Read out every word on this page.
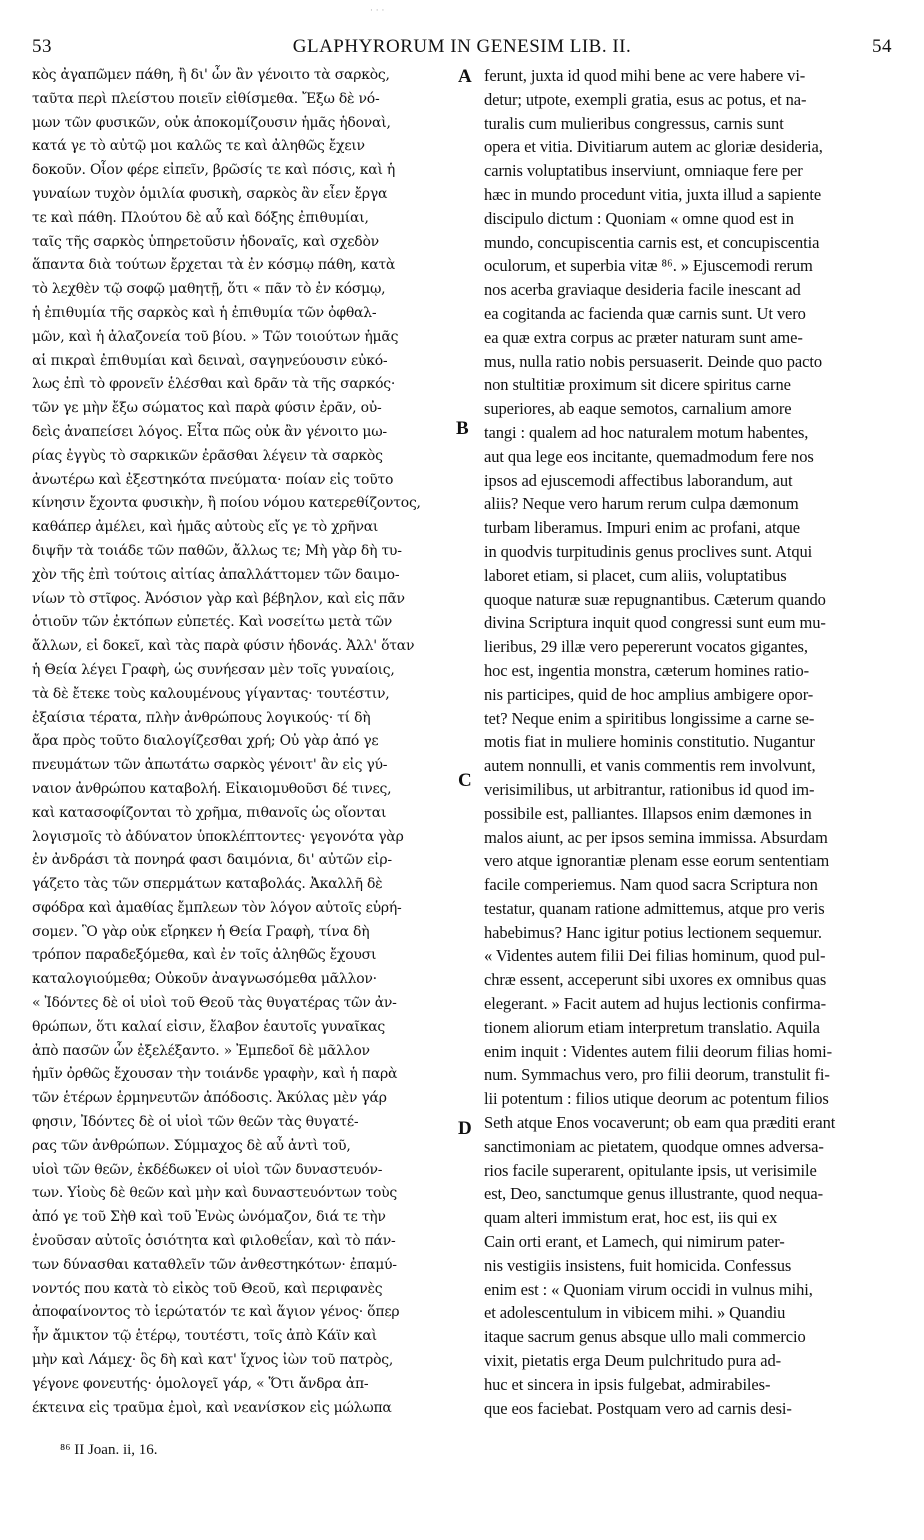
· · ·
53	GLAPHYRORUM IN GENESIM LIB. II.	54
κὸς ἀγαπῶμεν πάθη, ἢ δι' ὧν ἂν γένοιτο τὰ σαρκὸς,
ταῦτα περὶ πλείστου ποιεῖν εἰθίσμεθα. Ἔξω δὲ νό-
μων τῶν φυσικῶν, οὐκ ἀποκομίζουσιν ἡμᾶς ἡδοναὶ,
κατά γε τὸ αὐτῷ μοι καλῶς τε καὶ ἀληθῶς ἔχειν
δοκοῦν. Οἷον φέρε εἰπεῖν, βρῶσίς τε καὶ πόσις, καὶ ἡ
γυναίων τυχὸν ὁμιλία φυσικὴ, σαρκὸς ἂν εἶεν ἔργα
τε καὶ πάθη. Πλούτου δὲ αὖ καὶ δόξης ἐπιθυμίαι,
ταῖς τῆς σαρκὸς ὑπηρετοῦσιν ἡδοναῖς, καὶ σχεδὸν
ἅπαντα διὰ τούτων ἔρχεται τὰ ἐν κόσμῳ πάθη, κατὰ
τὸ λεχθὲν τῷ σοφῷ μαθητῇ, ὅτι « πᾶν τὸ ἐν κόσμῳ,
ἡ ἐπιθυμία τῆς σαρκὸς καὶ ἡ ἐπιθυμία τῶν ὀφθαλ-
μῶν, καὶ ἡ ἀλαζονεία τοῦ βίου. » Τῶν τοιούτων ἡμᾶς
αἱ πικραὶ ἐπιθυμίαι καὶ δειναὶ, σαγηνεύουσιν εὐκό-
λως ἐπὶ τὸ φρονεῖν ἑλέσθαι καὶ δρᾶν τὰ τῆς σαρκός·
τῶν γε μὴν ἔξω σώματος καὶ παρὰ φύσιν ἐρᾶν, οὐ-
δεὶς ἀναπείσει λόγος. Εἶτα πῶς οὐκ ἂν γένοιτο μω-
ρίας ἐγγὺς τὸ σαρκικῶν ἐρᾶσθαι λέγειν τὰ σαρκὸς
ἀνωτέρω καὶ ἐξεστηκότα πνεύματα· ποίαν εἰς τοῦτο
κίνησιν ἔχοντα φυσικὴν, ἢ ποίου νόμου κατερεθίζοντος,
καθάπερ ἀμέλει, καὶ ἡμᾶς αὐτοὺς εἴς γε τὸ χρῆναι
διψῆν τὰ τοιάδε τῶν παθῶν, ἄλλως τε; Μὴ γὰρ δὴ τυ-
χὸν τῆς ἐπὶ τούτοις αἰτίας ἀπαλλάττομεν τῶν δαιμο-
νίων τὸ στῖφος. Ἀνόσιον γὰρ καὶ βέβηλον, καὶ εἰς πᾶν
ὁτιοῦν τῶν ἐκτόπων εὐπετές. Καὶ νοσείτω μετὰ τῶν
ἄλλων, εἰ δοκεῖ, καὶ τὰς παρὰ φύσιν ἡδονάς. Ἀλλ' ὅταν
ἡ Θεία λέγει Γραφὴ, ὡς συνήεσαν μὲν τοῖς γυναίοις,
τὰ δὲ ἔτεκε τοὺς καλουμένους γίγαντας· τουτέστιν,
ἐξαίσια τέρατα, πλὴν ἀνθρώπους λογικούς· τί δὴ
ἄρα πρὸς τοῦτο διαλογίζεσθαι χρή; Οὐ γὰρ ἀπό γε
πνευμάτων τῶν ἀπωτάτω σαρκὸς γένοιτ' ἂν εἰς γύ-
ναιον ἀνθρώπου καταβολή. Εἰκαιομυθοῦσι δέ τινες,
καὶ κατασοφίζονται τὸ χρῆμα, πιθανοῖς ὡς οἴονται
λογισμοῖς τὸ ἀδύνατον ὑποκλέπτοντες· γεγονότα γὰρ
ἐν ἀνδράσι τὰ πονηρά φασι δαιμόνια, δι' αὐτῶν εἰρ-
γάζετο τὰς τῶν σπερμάτων καταβολάς. Ἀκαλλῆ δὲ
σφόδρα καὶ ἀμαθίας ἔμπλεων τὸν λόγον αὐτοῖς εὑρή-
σομεν. Ὃ γὰρ οὐκ εἴρηκεν ἡ Θεία Γραφὴ, τίνα δὴ
τρόπον παραδεξόμεθα, καὶ ἐν τοῖς ἀληθῶς ἔχουσι
καταλογιούμεθα; Οὐκοῦν ἀναγνωσόμεθα μᾶλλον·
« Ἰδόντες δὲ οἱ υἱοὶ τοῦ Θεοῦ τὰς θυγατέρας τῶν ἀν-
θρώπων, ὅτι καλαί εἰσιν, ἔλαβον ἑαυτοῖς γυναῖκας
ἀπὸ πασῶν ὧν ἐξελέξαντο. » Ἐμπεδοῖ δὲ μᾶλλον
ἡμῖν ὀρθῶς ἔχουσαν τὴν τοιάνδε γραφὴν, καὶ ἡ παρὰ
τῶν ἑτέρων ἑρμηνευτῶν ἀπόδοσις. Ἀκύλας μὲν γάρ
φησιν, Ἰδόντες δὲ οἱ υἱοὶ τῶν θεῶν τὰς θυγατέ-
ρας τῶν ἀνθρώπων. Σύμμαχος δὲ αὖ ἀντὶ τοῦ,
υἱοὶ τῶν θεῶν, ἐκδέδωκεν οἱ υἱοὶ τῶν δυναστευόν-
των. Υἱοὺς δὲ θεῶν καὶ μὴν καὶ δυναστευόντων τοὺς
ἀπό γε τοῦ Σὴθ καὶ τοῦ Ἐνὼς ὠνόμαζον, διά τε τὴν
ἐνοῦσαν αὐτοῖς ὁσιότητα καὶ φιλοθεΐαν, καὶ τὸ πάν-
των δύνασθαι καταθλεῖν τῶν ἀνθεστηκότων· ἐπαμύ-
νοντός που κατὰ τὸ εἰκὸς τοῦ Θεοῦ, καὶ περιφανὲς
ἀποφαίνοντος τὸ ἱερώτατόν τε καὶ ἅγιον γένος· ὅπερ
ἦν ἄμικτον τῷ ἑτέρῳ, τουτέστι, τοῖς ἀπὸ Κάϊν καὶ
μὴν καὶ Λάμεχ· ὃς δὴ καὶ κατ' ἴχνος ἰὼν τοῦ πατρὸς,
γέγονε φονευτής· ὁμολογεῖ γάρ, « Ὅτι ἄνδρα ἀπ-
έκτεινα εἰς τραῦμα ἐμοὶ, καὶ νεανίσκον εἰς μώλωπα
ferunt, juxta id quod mihi bene ac vere habere vi-
detur; utpote, exempli gratia, esus ac potus, et na-
turalis cum mulieribus congressus, carnis sunt
opera et vitia. Divitiarum autem ac gloriæ desideria,
carnis voluptatibus inserviunt, omniaque fere per
hæc in mundo procedunt vitia, juxta illud a sapiente
discipulo dictum : Quoniam « omne quod est in
mundo, concupiscentia carnis est, et concupiscentia
oculorum, et superbia vitæ ⁸⁶. » Ejuscemodi rerum
nos acerba graviaque desideria facile inescant ad
ea cogitanda ac facienda quæ carnis sunt. Ut vero
ea quæ extra corpus ac præter naturam sunt ame-
mus, nulla ratio nobis persuaserit. Deinde quo pacto
non stultitiæ proximum sit dicere spiritus carne
superiores, ab eaque semotos, carnalium amore
tangi : qualem ad hoc naturalem motum habentes,
aut qua lege eos incitante, quemadmodum fere nos
ipsos ad ejuscemodi affectibus laborandum, aut
aliis? Neque vero harum rerum culpa dæmonum
turbam liberamus. Impuri enim ac profani, atque
in quodvis turpitudinis genus proclives sunt. Atqui
laboret etiam, si placet, cum aliis, voluptatibus
quoque naturæ suæ repugnantibus. Cæterum quando
divina Scriptura inquit quod congressi sunt eum mu-
lieribus, 29 illæ vero pepererunt vocatos gigantes,
hoc est, ingentia monstra, cæterum homines ratio-
nis participes, quid de hoc amplius ambigere opor-
tet? Neque enim a spiritibus longissime a carne se-
motis fiat in muliere hominis constitutio. Nugantur
autem nonnulli, et vanis commentis rem involvunt,
verisimilibus, ut arbitrantur, rationibus id quod im-
possibile est, palliantes. Illapsos enim dæmones in
malos aiunt, ac per ipsos semina immissa. Absurdam
vero atque ignorantiæ plenam esse eorum sententiam
facile comperiemus. Nam quod sacra Scriptura non
testatur, quanam ratione admittemus, atque pro veris
habebimus? Hanc igitur potius lectionem sequemur.
« Videntes autem filii Dei filias hominum, quod pul-
chræ essent, acceperunt sibi uxores ex omnibus quas
elegerant. » Facit autem ad hujus lectionis confirma-
tionem aliorum etiam interpretum translatio. Aquila
enim inquit : Videntes autem filii deorum filias homi-
num. Symmachus vero, pro filii deorum, transtulit fi-
lii potentum : filios utique deorum ac potentum filios
Seth atque Enos vocaverunt; ob eam qua præditi erant
sanctimoniam ac pietatem, quodque omnes adversa-
rios facile superarent, opitulante ipsis, ut verisimile
est, Deo, sanctumque genus illustrante, quod nequa-
quam alteri immistum erat, hoc est, iis qui ex
Cain orti erant, et Lamech, qui nimirum pater-
nis vestigiis insistens, fuit homicida. Confessus
enim est : « Quoniam virum occidi in vulnus mihi,
et adolescentulum in vibicem mihi. » Quandiu
itaque sacrum genus absque ullo mali commercio
vixit, pietatis erga Deum pulchritudo pura ad-
huc et sincera in ipsis fulgebat, admirabiles-
que eos faciebat. Postquam vero ad carnis desi-
A
B
C
D
⁸⁶ II Joan. ii, 16.
